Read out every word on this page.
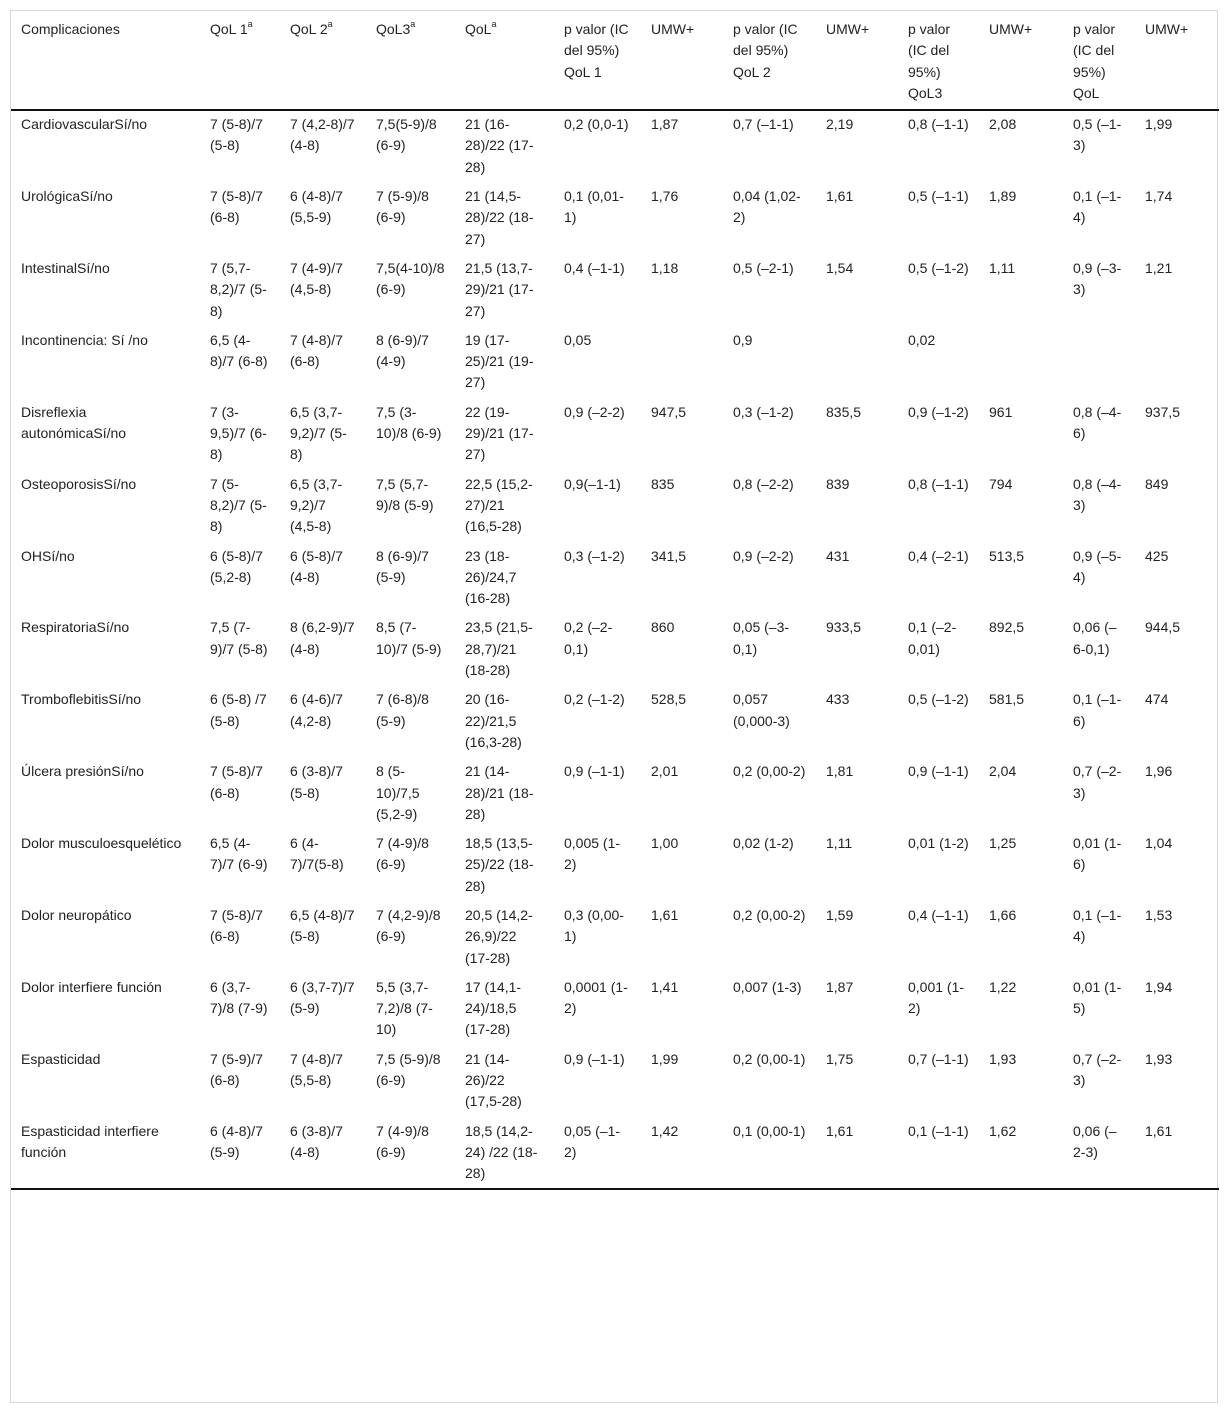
Complicaciones	QoL 1$^a$	QoL 2$^a$	QoL3$^a$	QoL$^a$	p valor (IC del 95%) QoL 1	UMW+	p valor (IC del 95%) QoL 2	UMW+	p valor (IC del 95%) QoL3	UMW+	p valor (IC del 95%) QoL	UMW+
CardiovascularSí/no	7 (5-8)/7 (5-8)	7 (4,2-8)/7 (4-8)	7,5(5-9)/8 (6-9)	21 (16-28)/22 (17-28)	0,2 (0,0-1)	1,87	0,7 (–1-1)	2,19	0,8 (–1-1)	2,08	0,5 (–1-3)	1,99
UrológicaSí/no	7 (5-8)/7 (6-8)	6 (4-8)/7 (5,5-9)	7 (5-9)/8 (6-9)	21 (14,5-28)/22 (18-27)	0,1 (0,01-1)	1,76	0,04 (1,02-2)	1,61	0,5 (–1-1)	1,89	0,1 (–1-4)	1,74
IntestinalSí/no	7 (5,7-8,2)/7 (5-8)	7 (4-9)/7 (4,5-8)	7,5(4-10)/8 (6-9)	21,5 (13,7-29)/21 (17-27)	0,4 (–1-1)	1,18	0,5 (–2-1)	1,54	0,5 (–1-2)	1,11	0,9 (–3-3)	1,21
Incontinencia: Sí /no	6,5 (4-8)/7 (6-8)	7 (4-8)/7 (6-8)	8 (6-9)/7 (4-9)	19 (17-25)/21 (19-27)	0,05		0,9		0,02			
Disreflexia autonómicaSí/no	7 (3-9,5)/7 (6-8)	6,5 (3,7-9,2)/7 (5-8)	7,5 (3-10)/8 (6-9)	22 (19-29)/21 (17-27)	0,9 (–2-2)	947,5	0,3 (–1-2)	835,5	0,9 (–1-2)	961	0,8 (–4-6)	937,5
OsteoporosisSí/no	7 (5-8,2)/7 (5-8)	6,5 (3,7-9,2)/7 (4,5-8)	7,5 (5,7-9)/8 (5-9)	22,5 (15,2-27)/21 (16,5-28)	0,9(–1-1)	835	0,8 (–2-2)	839	0,8 (–1-1)	794	0,8 (–4-3)	849
OHSí/no	6 (5-8)/7 (5,2-8)	6 (5-8)/7 (4-8)	8 (6-9)/7 (5-9)	23 (18-26)/24,7 (16-28)	0,3 (–1-2)	341,5	0,9 (–2-2)	431	0,4 (–2-1)	513,5	0,9 (–5-4)	425
RespiratoriaSí/no	7,5 (7-9)/7 (5-8)	8 (6,2-9)/7 (4-8)	8,5 (7-10)/7 (5-9)	23,5 (21,5-28,7)/21 (18-28)	0,2 (–2-0,1)	860	0,05 (–3-0,1)	933,5	0,1 (–2-0,01)	892,5	0,06 (–6-0,1)	944,5
TromboflebitisSí/no	6 (5-8) /7 (5-8)	6 (4-6)/7 (4,2-8)	7 (6-8)/8 (5-9)	20 (16-22)/21,5 (16,3-28)	0,2 (–1-2)	528,5	0,057 (0,000-3)	433	0,5 (–1-2)	581,5	0,1 (–1-6)	474
Úlcera presiónSí/no	7 (5-8)/7 (6-8)	6 (3-8)/7 (5-8)	8 (5-10)/7,5 (5,2-9)	21 (14-28)/21 (18-28)	0,9 (–1-1)	2,01	0,2 (0,00-2)	1,81	0,9 (–1-1)	2,04	0,7 (–2-3)	1,96
Dolor musculoesquelético	6,5 (4-7)/7 (6-9)	6 (4-7)/7(5-8)	7 (4-9)/8 (6-9)	18,5 (13,5-25)/22 (18-28)	0,005 (1-2)	1,00	0,02 (1-2)	1,11	0,01 (1-2)	1,25	0,01 (1-6)	1,04
Dolor neuropático	7 (5-8)/7 (6-8)	6,5 (4-8)/7 (5-8)	7 (4,2-9)/8 (6-9)	20,5 (14,2-26,9)/22 (17-28)	0,3 (0,00-1)	1,61	0,2 (0,00-2)	1,59	0,4 (–1-1)	1,66	0,1 (–1-4)	1,53
Dolor interfiere función	6 (3,7-7)/8 (7-9)	6 (3,7-7)/7 (5-9)	5,5 (3,7-7,2)/8 (7-10)	17 (14,1-24)/18,5 (17-28)	0,0001 (1-2)	1,41	0,007 (1-3)	1,87	0,001 (1-2)	1,22	0,01 (1-5)	1,94
Espasticidad	7 (5-9)/7 (6-8)	7 (4-8)/7 (5,5-8)	7,5 (5-9)/8 (6-9)	21 (14-26)/22 (17,5-28)	0,9 (–1-1)	1,99	0,2 (0,00-1)	1,75	0,7 (–1-1)	1,93	0,7 (–2-3)	1,93
Espasticidad interfiere función	6 (4-8)/7 (5-9)	6 (3-8)/7 (4-8)	7 (4-9)/8 (6-9)	18,5 (14,2-24) /22 (18-28)	0,05 (–1-2)	1,42	0,1 (0,00-1)	1,61	0,1 (–1-1)	1,62	0,06 (–2-3)	1,61
